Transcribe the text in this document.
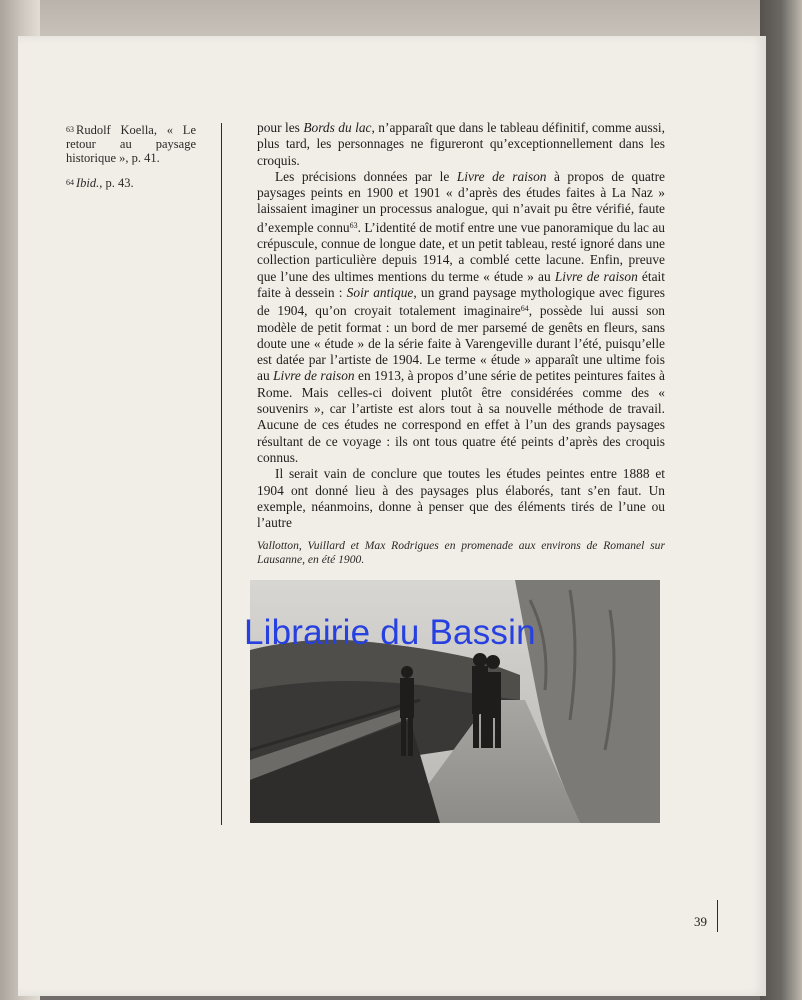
$^{63}$ Rudolf Koella, « Le retour au paysage historique », p. 41.

$^{64}$ Ibid., p. 43.

pour les Bords du lac, n’apparaît que dans le tableau définitif, comme aussi, plus tard, les personnages ne figureront qu’exceptionnellement dans les croquis.

Les précisions données par le Livre de raison à propos de quatre paysages peints en 1900 et 1901 « d’après des études faites à La Naz » laissaient imaginer un processus analogue, qui n’avait pu être vérifié, faute d’exemple connu$^{63}$. L’identité de motif entre une vue panoramique du lac au crépuscule, connue de longue date, et un petit tableau, resté ignoré dans une collection particulière depuis 1914, a comblé cette lacune. Enfin, preuve que l’une des ultimes mentions du terme « étude » au Livre de raison était faite à dessein : Soir antique, un grand paysage mythologique avec figures de 1904, qu’on croyait totalement imaginaire$^{64}$, possède lui aussi son modèle de petit format : un bord de mer parsemé de genêts en fleurs, sans doute une « étude » de la série faite à Varengeville durant l’été, puisqu’elle est datée par l’artiste de 1904. Le terme « étude » apparaît une ultime fois au Livre de raison en 1913, à propos d’une série de petites peintures faites à Rome. Mais celles-ci doivent plutôt être considérées comme des « souvenirs », car l’artiste est alors tout à sa nouvelle méthode de travail. Aucune de ces études ne correspond en effet à l’un des grands paysages résultant de ce voyage : ils ont tous quatre été peints d’après des croquis connus.

Il serait vain de conclure que toutes les études peintes entre 1888 et 1904 ont donné lieu à des paysages plus élaborés, tant s’en faut. Un exemple, néanmoins, donne à penser que des éléments tirés de l’une ou l’autre

Vallotton, Vuillard et Max Rodrigues en promenade aux environs de Romanel sur Lausanne, en été 1900.
Librairie du Bassin
39
